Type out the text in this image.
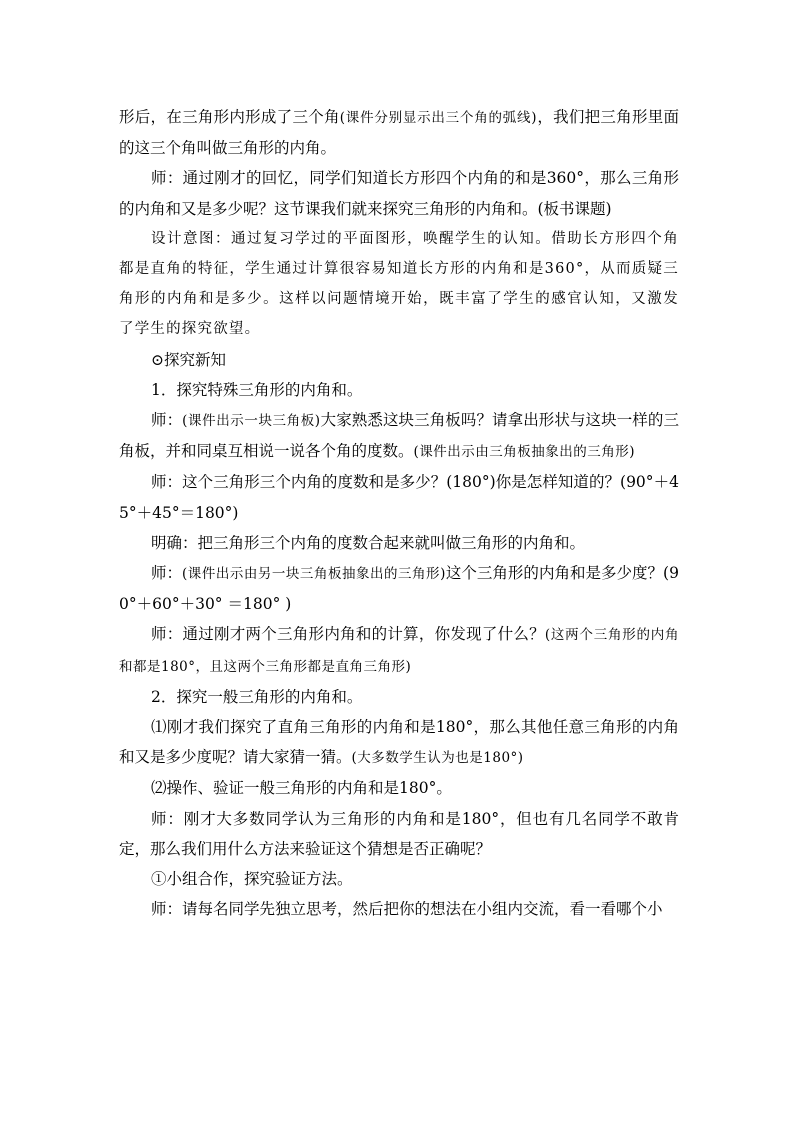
形后，在三角形内形成了三个角(课件分别显示出三个角的弧线)，我们把三角形里面的这三个角叫做三角形的内角。

师：通过刚才的回忆，同学们知道长方形四个内角的和是360°，那么三角形的内角和又是多少呢？这节课我们就来探究三角形的内角和。(板书课题)

设计意图：通过复习学过的平面图形，唤醒学生的认知。借助长方形四个角都是直角的特征，学生通过计算很容易知道长方形的内角和是360°，从而质疑三角形的内角和是多少。这样以问题情境开始，既丰富了学生的感官认知，又激发了学生的探究欲望。

⊙探究新知

1．探究特殊三角形的内角和。

师：(课件出示一块三角板)大家熟悉这块三角板吗？请拿出形状与这块一样的三角板，并和同桌互相说一说各个角的度数。(课件出示由三角板抽象出的三角形)

师：这个三角形三个内角的度数和是多少？(180°)你是怎样知道的？(90°＋45°＋45°＝180°)

明确：把三角形三个内角的度数合起来就叫做三角形的内角和。

师：(课件出示由另一块三角板抽象出的三角形)这个三角形的内角和是多少度？(90°＋60°＋30° ＝180° )

师：通过刚才两个三角形内角和的计算，你发现了什么？(这两个三角形的内角和都是180°，且这两个三角形都是直角三角形)

2．探究一般三角形的内角和。

⑴刚才我们探究了直角三角形的内角和是180°，那么其他任意三角形的内角和又是多少度呢？请大家猜一猜。(大多数学生认为也是180°)

⑵操作、验证一般三角形的内角和是180°。

师：刚才大多数同学认为三角形的内角和是180°，但也有几名同学不敢肯定，那么我们用什么方法来验证这个猜想是否正确呢？

①小组合作，探究验证方法。

师：请每名同学先独立思考，然后把你的想法在小组内交流，看一看哪个小
